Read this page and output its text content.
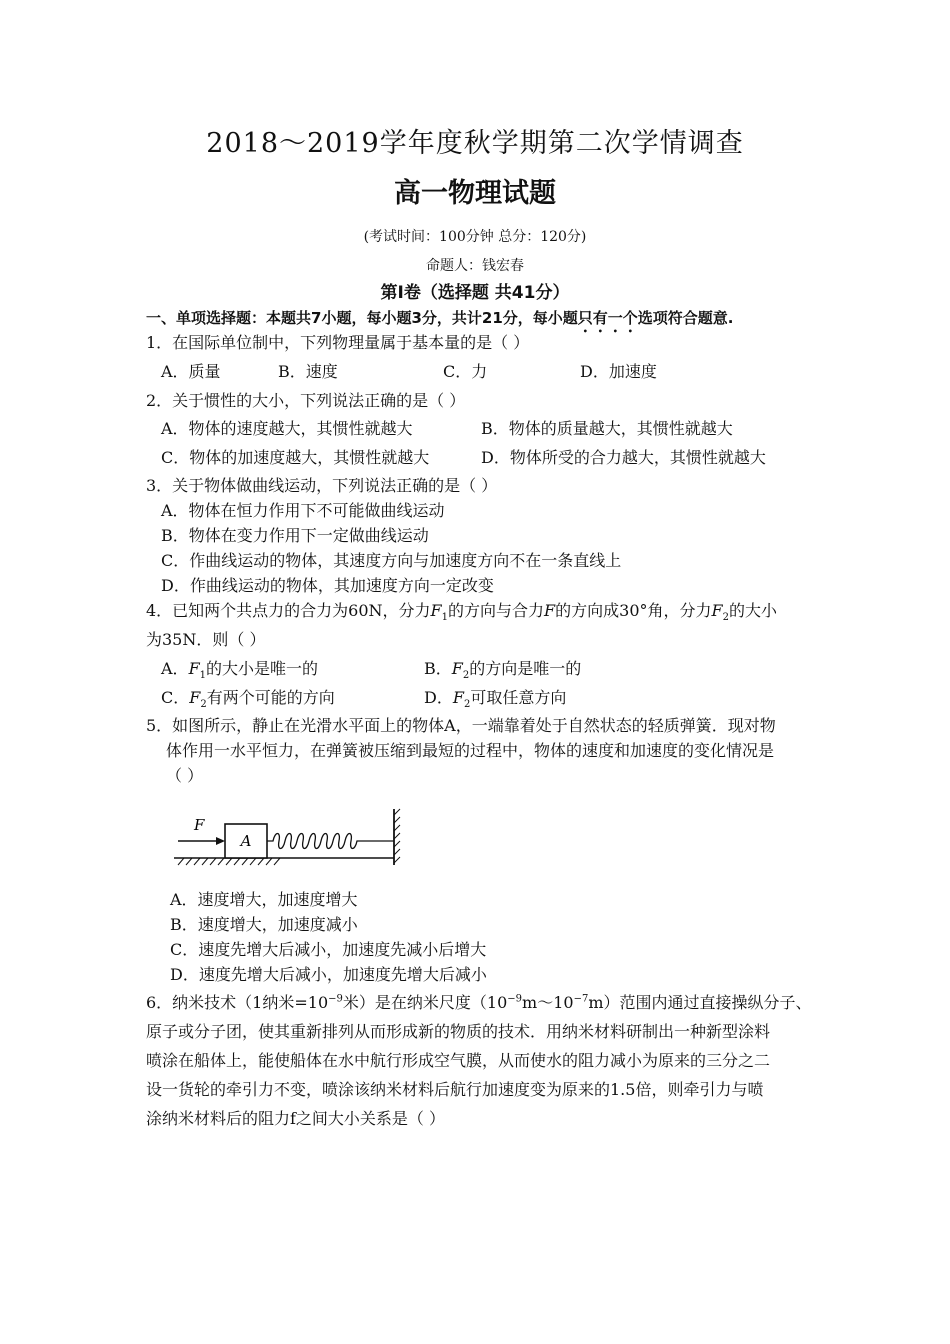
2018～2019学年度秋学期第二次学情调查
高一物理试题
(考试时间：100分钟 总分：120分)
命题人：钱宏春
第Ⅰ卷（选择题 共41分）
一、单项选择题：本题共7小题，每小题3分，共计21分，每小题只有一个选项符合题意.
1．在国际单位制中，下列物理量属于基本量的是（ ）
A．质量	B．速度	C．力	D．加速度
2．关于惯性的大小，下列说法正确的是（ ）
A．物体的速度越大，其惯性就越大	B．物体的质量越大，其惯性就越大
C．物体的加速度越大，其惯性就越大	D．物体所受的合力越大，其惯性就越大
3．关于物体做曲线运动，下列说法正确的是（ ）
A．物体在恒力作用下不可能做曲线运动
B．物体在变力作用下一定做曲线运动
C．作曲线运动的物体，其速度方向与加速度方向不在一条直线上
D．作曲线运动的物体，其加速度方向一定改变
4．已知两个共点力的合力为60N，分力$F_1$的方向与合力F的方向成30°角，分力$F_2$的大小
为35N．则（ ）
A．$F_1$的大小是唯一的	B．$F_2$的方向是唯一的
C．$F_2$有两个可能的方向	D．$F_2$可取任意方向
5．如图所示，静止在光滑水平面上的物体A，一端靠着处于自然状态的轻质弹簧．现对物
体作用一水平恒力，在弹簧被压缩到最短的过程中，物体的速度和加速度的变化情况是
（ ）
A
F
A．速度增大，加速度增大
B．速度增大，加速度减小
C．速度先增大后减小，加速度先减小后增大
D．速度先增大后减小，加速度先增大后减小
6．纳米技术（1纳米$=10^{-9}$米）是在纳米尺度$(10^{-9}m\sim 10^{-7}m)$范围内通过直接操纵分子、
原子或分子团，使其重新排列从而形成新的物质的技术．用纳米材料研制出一种新型涂料
喷涂在船体上，能使船体在水中航行形成空气膜，从而使水的阻力减小为原来的三分之二
设一货轮的牵引力不变，喷涂该纳米材料后航行加速度变为原来的1.5倍，则牵引力与喷
涂纳米材料后的阻力f之间大小关系是（ ）
